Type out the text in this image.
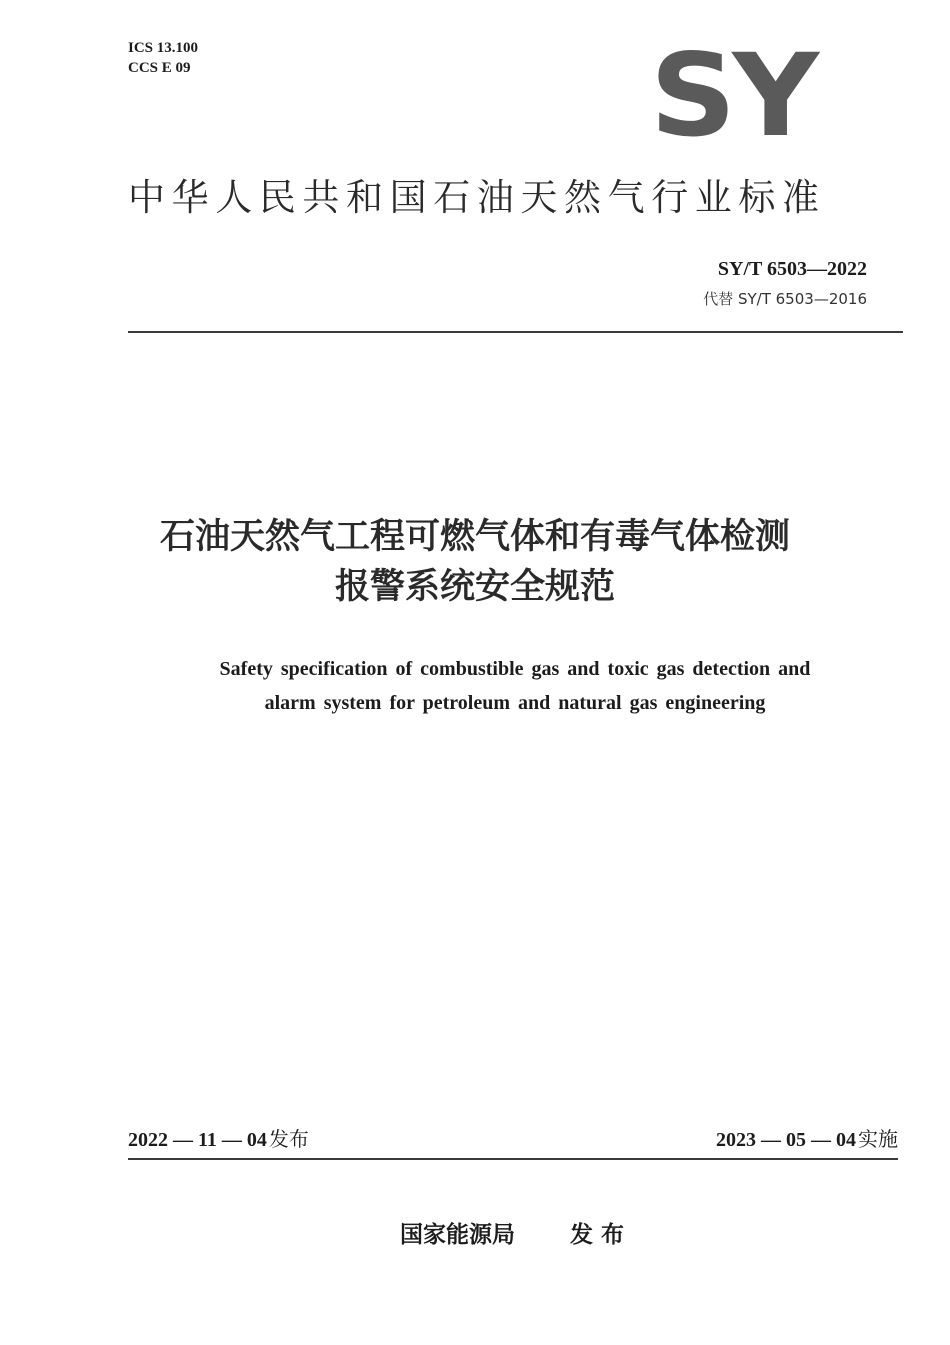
ICS 13.100
CCS E 09	SY
中华人民共和国石油天然气行业标准
SY/T 6503—2022
代替 SY/T 6503—2016
石油天然气工程可燃气体和有毒气体检测
报警系统安全规范
Safety specification of combustible gas and toxic gas detection and
alarm system for petroleum and natural gas engineering
2022 — 11 — 04 发布	2023 — 05 — 04 实施
国家能源局 发布
